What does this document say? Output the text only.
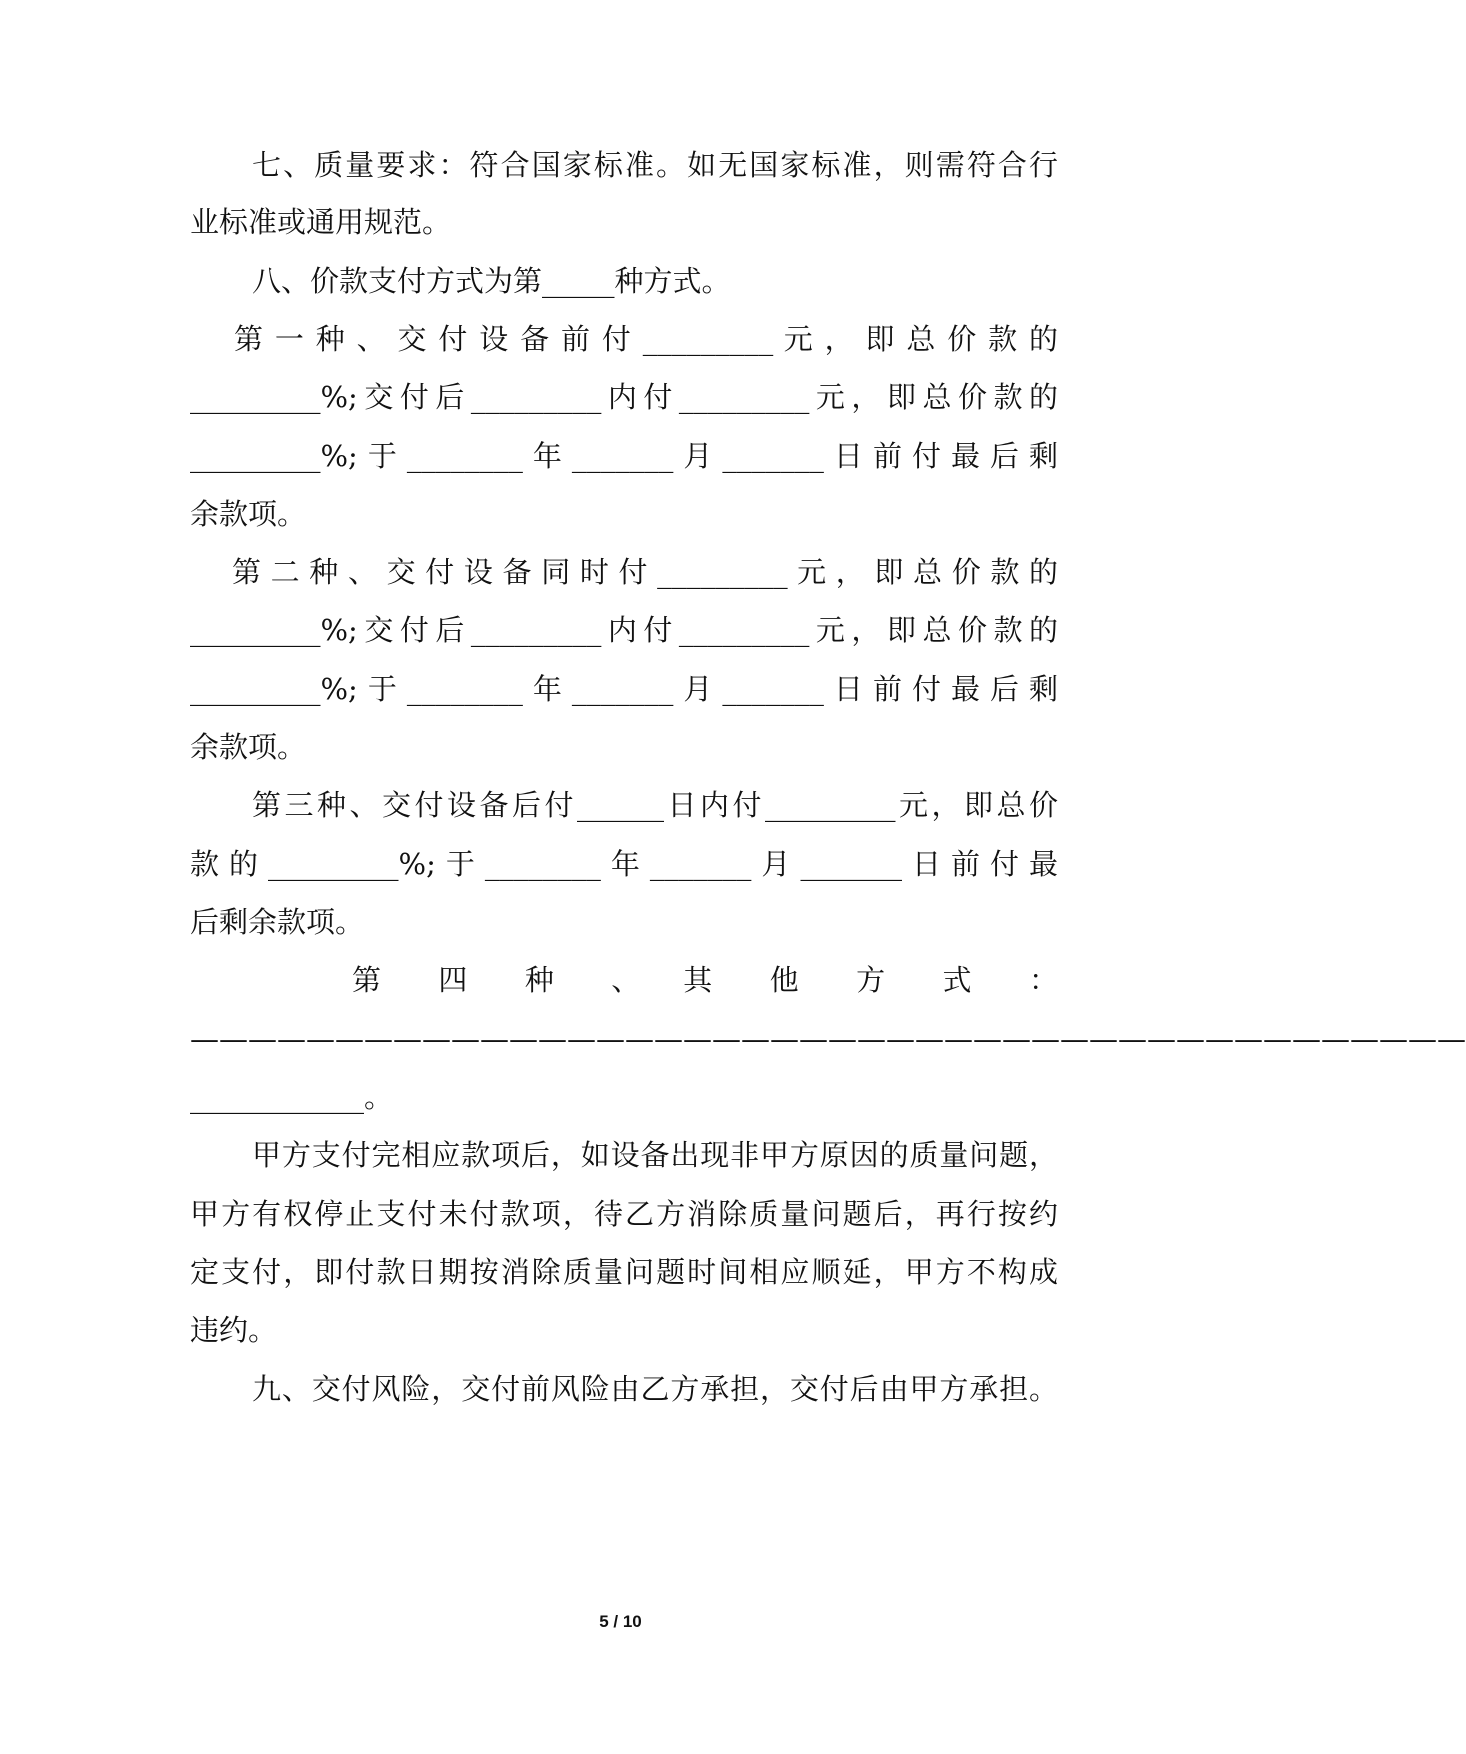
七、质量要求：符合国家标准。如无国家标准，则需符合行
业标准或通用规范。
八、价款支付方式为第_____种方式。
第 一 种 、 交 付 设 备 前 付 _________ 元 ， 即 总 价 款 的
_________%;交付后_________内付_________元，即总价款的
_________%;于________年_______月_______日前付最后剩
余款项。
第 二 种 、 交 付 设 备 同 时 付 _________ 元 ， 即 总 价 款 的
_________%;交付后_________内付_________元，即总价款的
_________%;于________年_______月_______日前付最后剩
余款项。
第三种、交付设备后付______日内付_________元，即总价
款的_________%;于________年_______月_______日前付最
后剩余款项。
第　四　种　、　其　他　方　式　：
————————————————————————————————————————————
____________。
甲方支付完相应款项后，如设备出现非甲方原因的质量问题，
甲方有权停止支付未付款项，待乙方消除质量问题后，再行按约
定支付，即付款日期按消除质量问题时间相应顺延，甲方不构成
违约。
九、交付风险，交付前风险由乙方承担，交付后由甲方承担。
5 / 10
